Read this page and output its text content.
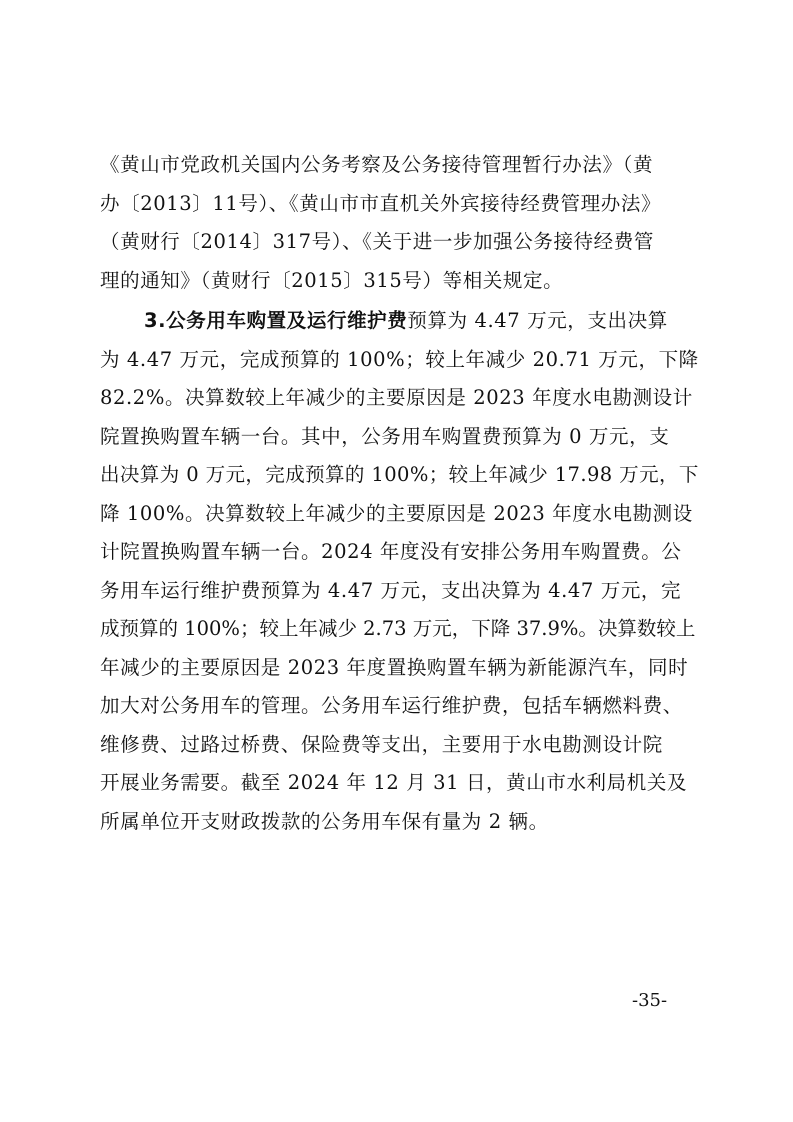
《黄山市党政机关国内公务考察及公务接待管理暂行办法》（黄
办〔2013〕11号）、《黄山市市直机关外宾接待经费管理办法》
（黄财行〔2014〕317号）、《关于进一步加强公务接待经费管
理的通知》（黄财行〔2015〕315号）等相关规定。
3.公务用车购置及运行维护费预算为 4.47 万元，支出决算
为 4.47 万元，完成预算的 100%；较上年减少 20.71 万元，下降
82.2%。决算数较上年减少的主要原因是 2023 年度水电勘测设计
院置换购置车辆一台。其中，公务用车购置费预算为 0 万元，支
出决算为 0 万元，完成预算的 100%；较上年减少 17.98 万元，下
降 100%。决算数较上年减少的主要原因是 2023 年度水电勘测设
计院置换购置车辆一台。2024 年度没有安排公务用车购置费。公
务用车运行维护费预算为 4.47 万元，支出决算为 4.47 万元，完
成预算的 100%；较上年减少 2.73 万元，下降 37.9%。决算数较上
年减少的主要原因是 2023 年度置换购置车辆为新能源汽车，同时
加大对公务用车的管理。公务用车运行维护费，包括车辆燃料费、
维修费、过路过桥费、保险费等支出，主要用于水电勘测设计院
开展业务需要。截至 2024 年 12 月 31 日，黄山市水利局机关及
所属单位开支财政拨款的公务用车保有量为 2 辆。
-35-
